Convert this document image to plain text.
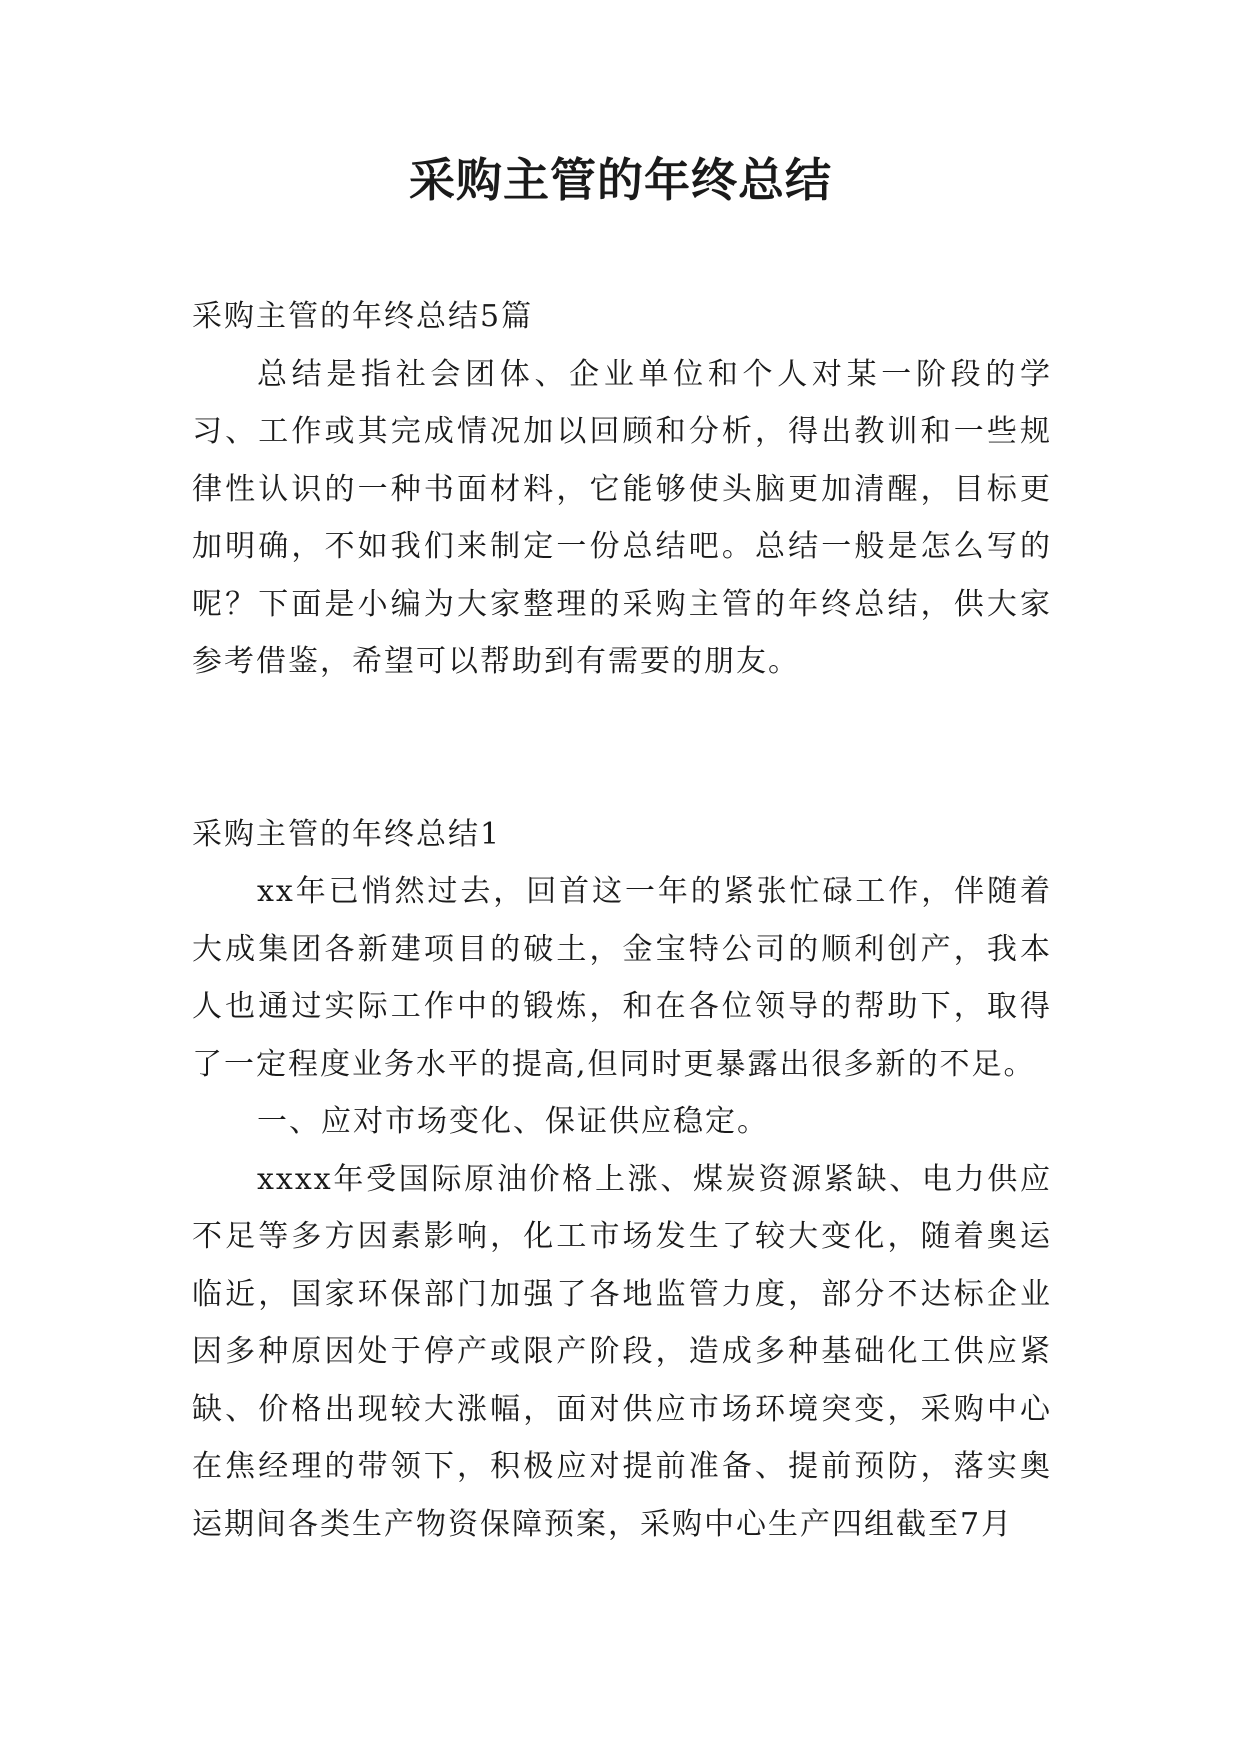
采购主管的年终总结

采购主管的年终总结5篇

总结是指社会团体、企业单位和个人对某一阶段的学习、工作或其完成情况加以回顾和分析，得出教训和一些规律性认识的一种书面材料，它能够使头脑更加清醒，目标更加明确，不如我们来制定一份总结吧。总结一般是怎么写的呢？下面是小编为大家整理的采购主管的年终总结，供大家参考借鉴，希望可以帮助到有需要的朋友。

采购主管的年终总结1

xx年已悄然过去，回首这一年的紧张忙碌工作，伴随着大成集团各新建项目的破土，金宝特公司的顺利创产，我本人也通过实际工作中的锻炼，和在各位领导的帮助下，取得了一定程度业务水平的提高,但同时更暴露出很多新的不足。

一、应对市场变化、保证供应稳定。

xxxx年受国际原油价格上涨、煤炭资源紧缺、电力供应不足等多方因素影响，化工市场发生了较大变化，随着奥运临近，国家环保部门加强了各地监管力度，部分不达标企业因多种原因处于停产或限产阶段，造成多种基础化工供应紧缺、价格出现较大涨幅，面对供应市场环境突变，采购中心在焦经理的带领下，积极应对提前准备、提前预防，落实奥运期间各类生产物资保障预案，采购中心生产四组截至7月
